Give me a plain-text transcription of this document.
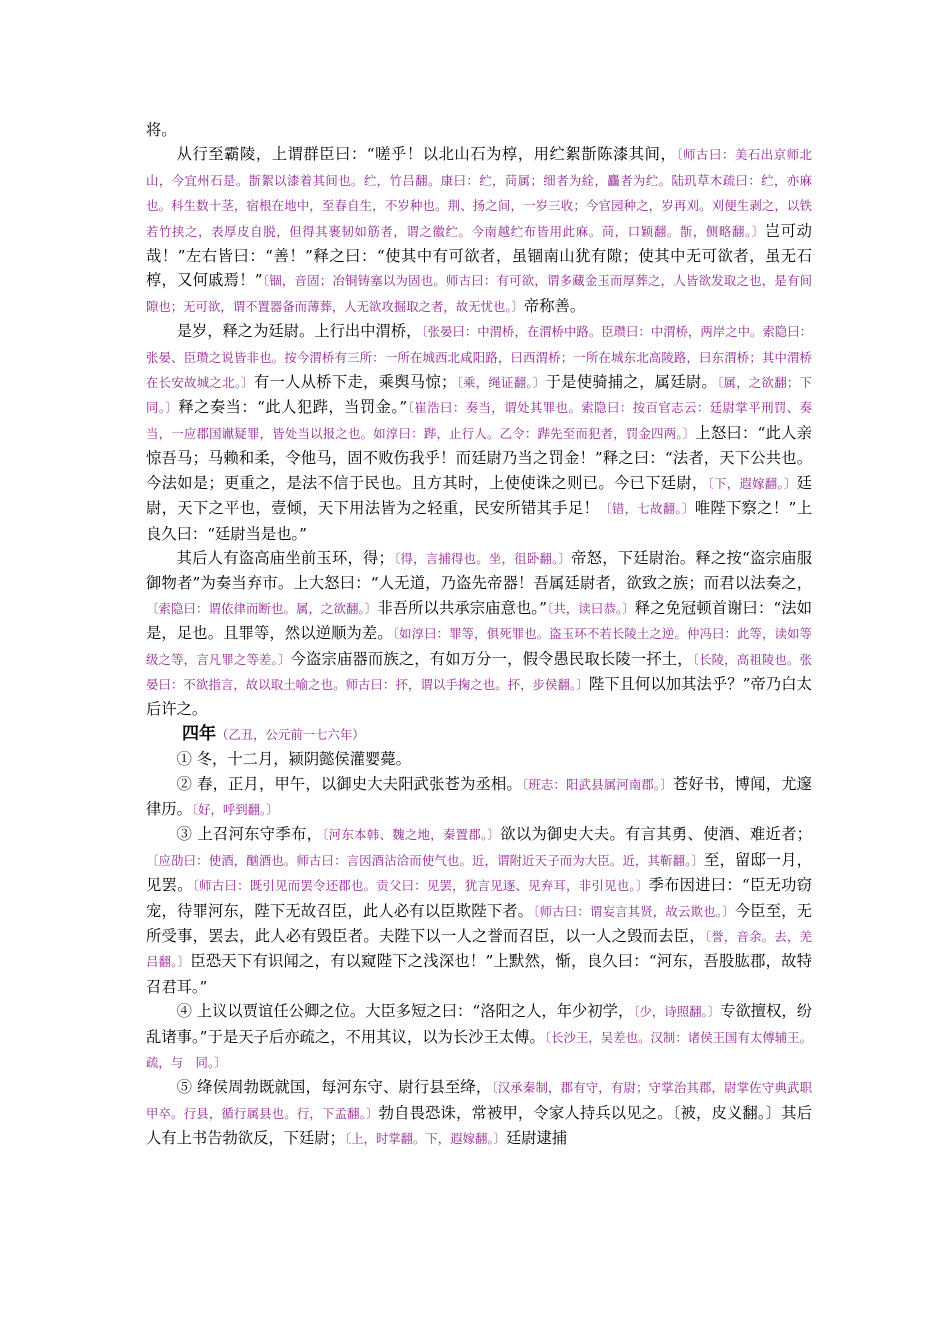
将。

从行至霸陵，上谓群臣曰：“嗟乎！以北山石为椁，用纻絮斮陈漆其间，〔师古曰：美石出京师北山，今宜州石是。斮絮以漆着其间也。纻，竹吕翻。康曰：纻，苘属；细者为絟，麤者为纻。陆玑草木疏曰：纻，亦麻也。科生数十茎，宿根在地中，至春自生，不岁种也。荆、扬之间，一岁三收；今官园种之，岁再刈。刈便生剥之，以铁若竹挟之，表厚皮自脱，但得其裹韧如筋者，谓之徽纻。今南越纻布皆用此麻。苘，口颖翻。斮，侧略翻。〕岂可动哉！”左右皆曰：“善！”释之曰：“使其中有可欲者，虽锢南山犹有隙；使其中无可欲者，虽无石椁，又何戚焉！”〔锢，音固；冶铜铸塞以为固也。师古曰：有可欲，谓多藏金玉而厚葬之，人皆欲发取之也，是有间隙也；无可欲，谓不置器备而薄葬，人无欲攻掘取之者，故无忧也。〕帝称善。

是岁，释之为廷尉。上行出中渭桥，〔张晏曰：中渭桥，在渭桥中路。臣瓒曰：中渭桥，两岸之中。索隐曰：张晏、臣瓒之说皆非也。按今渭桥有三所：一所在城西北咸阳路，曰西渭桥；一所在城东北高陵路，曰东渭桥；其中渭桥在长安故城之北。〕有一人从桥下走，乘舆马惊；〔乘，绳证翻。〕于是使骑捕之，属廷尉。〔属，之欲翻；下同。〕释之奏当：“此人犯跸，当罚金。”〔崔浩曰：奏当，谓处其罪也。索隐曰：按百官志云：廷尉掌平刑罚、奏当，一应郡国谳疑罪，皆处当以报之也。如淳曰：跸，止行人。乙令：跸先至而犯者，罚金四两。〕上怒曰：“此人亲惊吾马；马赖和柔，令他马，固不败伤我乎！而廷尉乃当之罚金！”释之曰：“法者，天下公共也。今法如是；更重之，是法不信于民也。且方其时，上使使诛之则已。今已下廷尉，〔下，遐嫁翻。〕廷尉，天下之平也，壹倾，天下用法皆为之轻重，民安所错其手足！〔错，七故翻。〕唯陛下察之！”上良久曰：“廷尉当是也。”

其后人有盗高庙坐前玉环，得；〔得，言捕得也。坐，徂卧翻。〕帝怒，下廷尉治。释之按“盗宗庙服御物者”为奏当弃市。上大怒曰：“人无道，乃盗先帝器！吾属廷尉者，欲致之族；而君以法奏之，〔索隐曰：谓依律而断也。属，之欲翻。〕非吾所以共承宗庙意也。”〔共，读曰恭。〕释之免冠顿首谢曰：“法如是，足也。且罪等，然以逆顺为差。〔如淳曰：罪等，俱死罪也。盗玉环不若长陵土之逆。仲冯曰：此等，读如等级之等，言凡罪之等差。〕今盗宗庙器而族之，有如万分一，假令愚民取长陵一抔土，〔长陵，高祖陵也。张晏曰：不欲指言，故以取土喻之也。师古曰：抔，谓以手掬之也。抔，步侯翻。〕陛下且何以加其法乎？”帝乃白太后许之。

四年（乙丑，公元前一七六年）

① 冬，十二月，颍阴懿侯灌婴薨。

② 春，正月，甲午，以御史大夫阳武张苍为丞相。〔班志：阳武县属河南郡。〕苍好书，博闻，尤邃律历。〔好，呼到翻。〕

③ 上召河东守季布，〔河东本韩、魏之地，秦置郡。〕欲以为御史大夫。有言其勇、使酒、难近者；〔应劭曰：使酒，酗酒也。师古曰：言因酒沾洽而使气也。近，谓附近天子而为大臣。近，其靳翻。〕至，留邸一月，见罢。〔师古曰：既引见而罢令还郡也。贡父曰：见罢，犹言见逐、见弃耳，非引见也。〕季布因进曰：“臣无功窃宠，待罪河东，陛下无故召臣，此人必有以臣欺陛下者。〔师古曰：谓妄言其贤，故云欺也。〕今臣至，无所受事，罢去，此人必有毁臣者。夫陛下以一人之誉而召臣，以一人之毁而去臣，〔誉，音余。去，羌吕翻。〕臣恐天下有识闻之，有以窥陛下之浅深也！”上默然，惭，良久曰：“河东，吾股肱郡，故特召君耳。”

④ 上议以贾谊任公卿之位。大臣多短之曰：“洛阳之人，年少初学，〔少，诗照翻。〕专欲擅权，纷乱诸事。”于是天子后亦疏之，不用其议，以为长沙王太傅。〔长沙王，吴差也。汉制：诸侯王国有太傅辅王。疏，与　同。〕

⑤ 绛侯周勃既就国，每河东守、尉行县至绛，〔汉承秦制，郡有守，有尉；守掌治其郡，尉掌佐守典武职甲卒。行县，循行属县也。行，下孟翻。〕勃自畏恐诛，常被甲，令家人持兵以见之。〔被，皮义翻。〕其后人有上书告勃欲反，下廷尉；〔上，时掌翻。下，遐嫁翻。〕廷尉逮捕
